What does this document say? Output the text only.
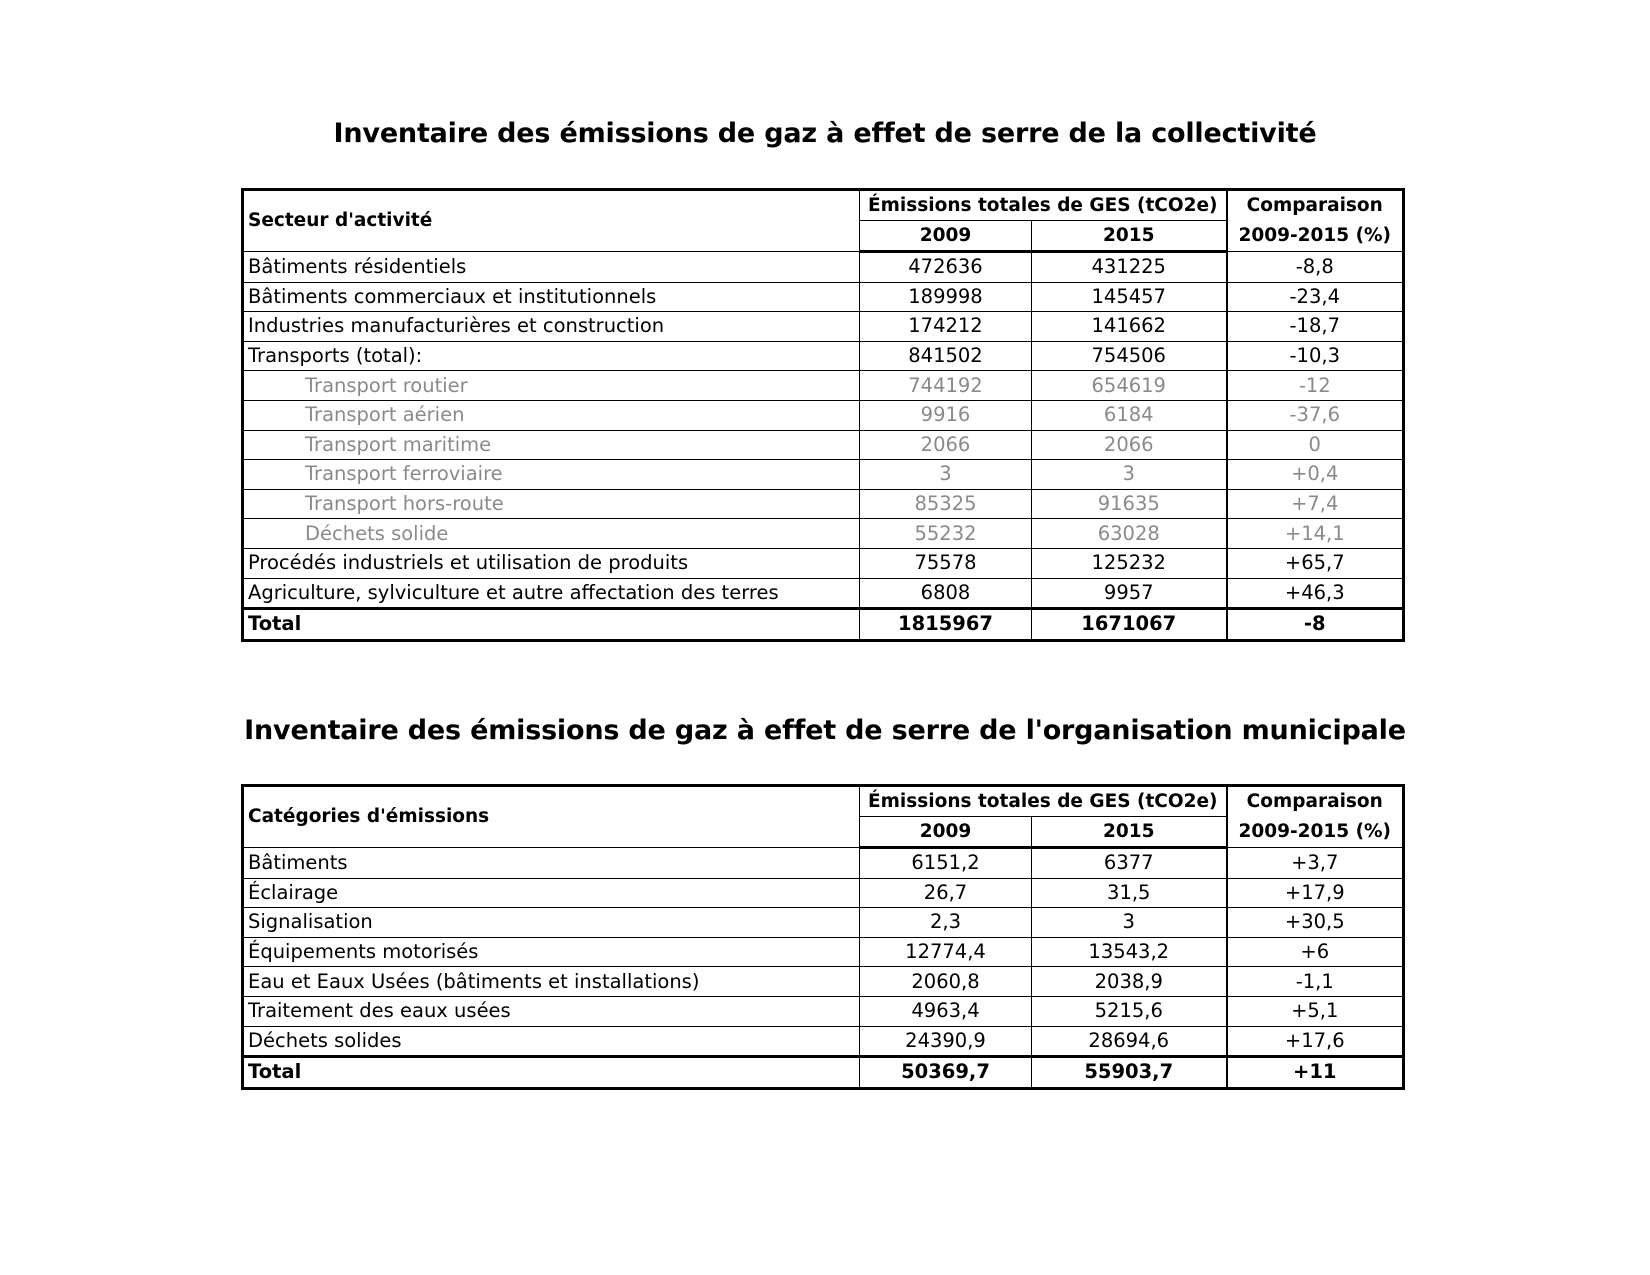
Inventaire des émissions de gaz à effet de serre de la collectivité
Secteur d'activité	Émissions totales de GES (tCO2e)		Comparaison
2009-2015 (%)
	2009	2015	
Bâtiments résidentiels	472636	431225	-8,8
Bâtiments commerciaux et institutionnels	189998	145457	-23,4
Industries manufacturières et construction	174212	141662	-18,7
Transports (total):	841502	754506	-10,3
Transport routier	744192	654619	-12
Transport aérien	9916	6184	-37,6
Transport maritime	2066	2066	0
Transport ferroviaire	3	3	+0,4
Transport hors-route	85325	91635	+7,4
Déchets solide	55232	63028	+14,1
Procédés industriels et utilisation de produits	75578	125232	+65,7
Agriculture, sylviculture et autre affectation des terres	6808	9957	+46,3
Total	1815967	1671067	-8
Inventaire des émissions de gaz à effet de serre de l'organisation municipale
Catégories d'émissions	Émissions totales de GES (tCO2e)		Comparaison
2009-2015 (%)
	2009	2015	
Bâtiments	6151,2	6377	+3,7
Éclairage	26,7	31,5	+17,9
Signalisation	2,3	3	+30,5
Équipements motorisés	12774,4	13543,2	+6
Eau et Eaux Usées (bâtiments et installations)	2060,8	2038,9	-1,1
Traitement des eaux usées	4963,4	5215,6	+5,1
Déchets solides	24390,9	28694,6	+17,6
Total	50369,7	55903,7	+11
